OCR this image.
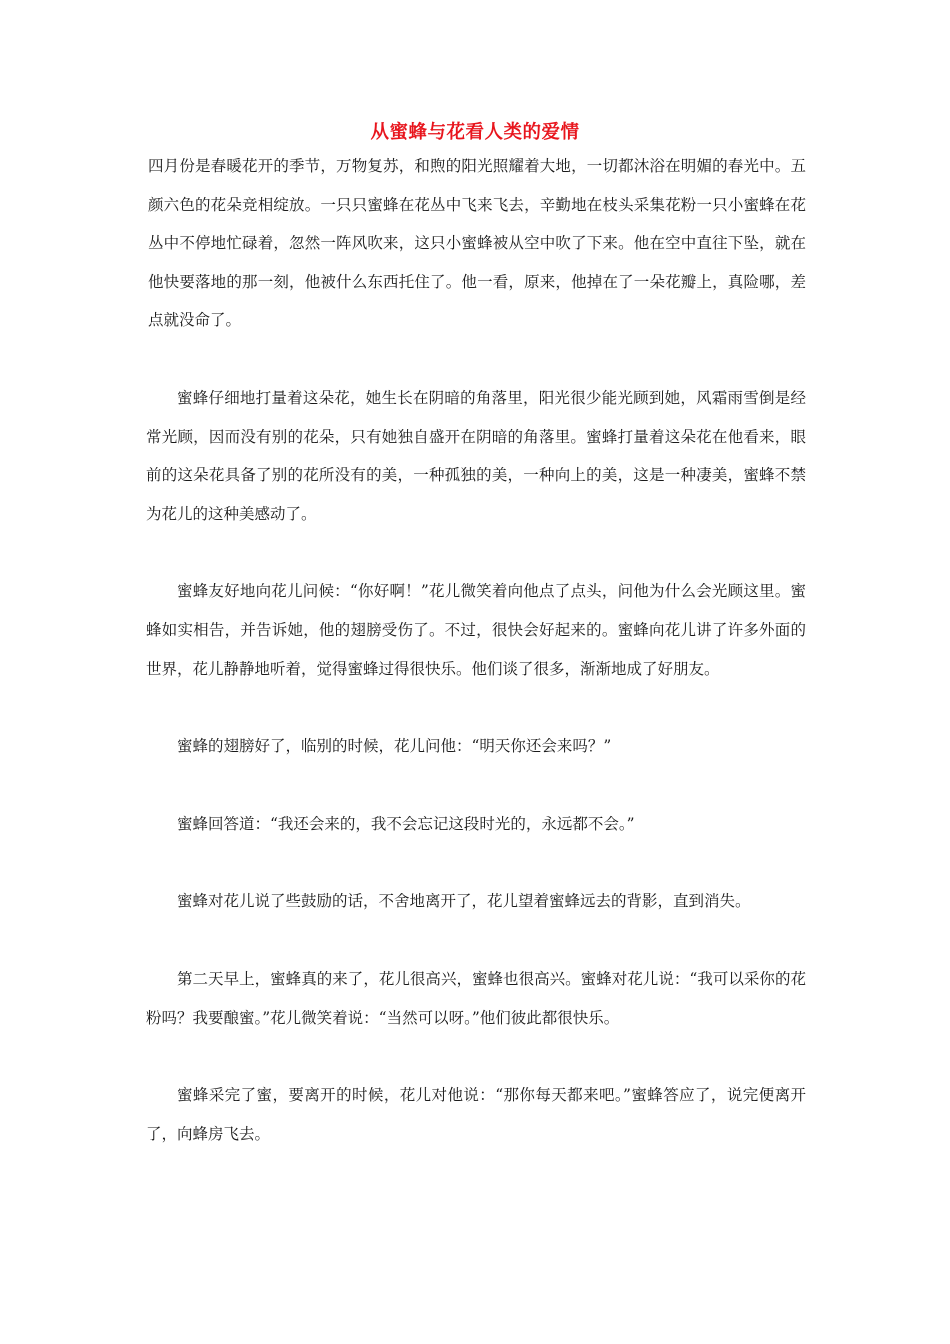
从蜜蜂与花看人类的爱情

四月份是春暖花开的季节，万物复苏，和煦的阳光照耀着大地，一切都沐浴在明媚的春光中。五颜六色的花朵竞相绽放。一只只蜜蜂在花丛中飞来飞去，辛勤地在枝头采集花粉一只小蜜蜂在花丛中不停地忙碌着，忽然一阵风吹来，这只小蜜蜂被从空中吹了下来。他在空中直往下坠，就在他快要落地的那一刻，他被什么东西托住了。他一看，原来，他掉在了一朵花瓣上，真险哪，差点就没命了。

蜜蜂仔细地打量着这朵花，她生长在阴暗的角落里，阳光很少能光顾到她，风霜雨雪倒是经常光顾，因而没有别的花朵，只有她独自盛开在阴暗的角落里。蜜蜂打量着这朵花在他看来，眼前的这朵花具备了别的花所没有的美，一种孤独的美，一种向上的美，这是一种凄美，蜜蜂不禁为花儿的这种美感动了。

蜜蜂友好地向花儿问候：“你好啊！”花儿微笑着向他点了点头，问他为什么会光顾这里。蜜蜂如实相告，并告诉她，他的翅膀受伤了。不过，很快会好起来的。蜜蜂向花儿讲了许多外面的世界，花儿静静地听着，觉得蜜蜂过得很快乐。他们谈了很多，渐渐地成了好朋友。

蜜蜂的翅膀好了，临别的时候，花儿问他：“明天你还会来吗？”

蜜蜂回答道：“我还会来的，我不会忘记这段时光的，永远都不会。”

蜜蜂对花儿说了些鼓励的话，不舍地离开了，花儿望着蜜蜂远去的背影，直到消失。

第二天早上，蜜蜂真的来了，花儿很高兴，蜜蜂也很高兴。蜜蜂对花儿说：“我可以采你的花粉吗？我要酿蜜。”花儿微笑着说：“当然可以呀。”他们彼此都很快乐。

蜜蜂采完了蜜，要离开的时候，花儿对他说：“那你每天都来吧。”蜜蜂答应了，说完便离开了，向蜂房飞去。
